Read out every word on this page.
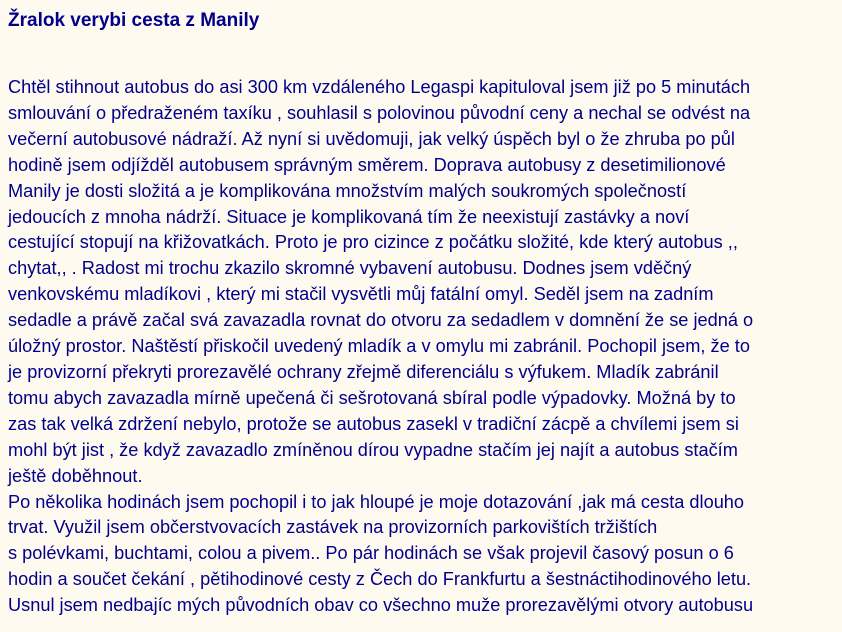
Žralok verybi cesta z Manily
Chtěl stihnout autobus do asi 300 km vzdáleného Legaspi kapituloval jsem již po 5 minutách
smlouvání o předraženém taxíku , souhlasil s polovinou původní ceny a nechal se odvést na
večerní autobusové nádraží. Až nyní si uvědomuji, jak velký úspěch byl o že zhruba po půl
hodině jsem odjížděl autobusem správným směrem. Doprava autobusy z desetimilionové
Manily je dosti složitá a je komplikována množstvím malých soukromých společností
jedoucích z mnoha nádrží. Situace je komplikovaná tím že neexistují zastávky a noví
cestující stopují na křižovatkách. Proto je pro cizince z počátku složité, kde který autobus ,,
chytat,, . Radost mi trochu zkazilo skromné vybavení autobusu. Dodnes jsem vděčný
venkovskému mladíkovi , který mi stačil vysvětli můj fatální omyl. Seděl jsem na zadním
sedadle a právě začal svá zavazadla rovnat do otvoru za sedadlem v domnění že se jedná o
úložný prostor. Naštěstí přiskočil uvedený mladík a v omylu mi zabránil. Pochopil jsem, že to
je provizorní překryti prorezavělé ochrany zřejmě diferenciálu s výfukem. Mladík zabránil
tomu abych zavazadla mírně upečená či sešrotovaná sbíral podle výpadovky. Možná by to
zas tak velká zdržení nebylo, protože se autobus zasekl v tradiční zácpě a chvílemi jsem si
mohl být jist , že když zavazadlo zmíněnou dírou vypadne stačím jej najít a autobus stačím
ještě doběhnout.
Po několika hodinách jsem pochopil i to jak hloupé je moje dotazování ,jak má cesta dlouho
trvat. Využil jsem občerstvovacích zastávek na provizorních parkovištích tržištích
s polévkami, buchtami, colou a pivem.. Po pár hodinách se však projevil časový posun o 6
hodin a součet čekání , pětihodinové cesty z Čech do Frankfurtu a šestnáctihodinového letu.
Usnul jsem nedbajíc mých původních obav co všechno muže prorezavělými otvory autobusu
